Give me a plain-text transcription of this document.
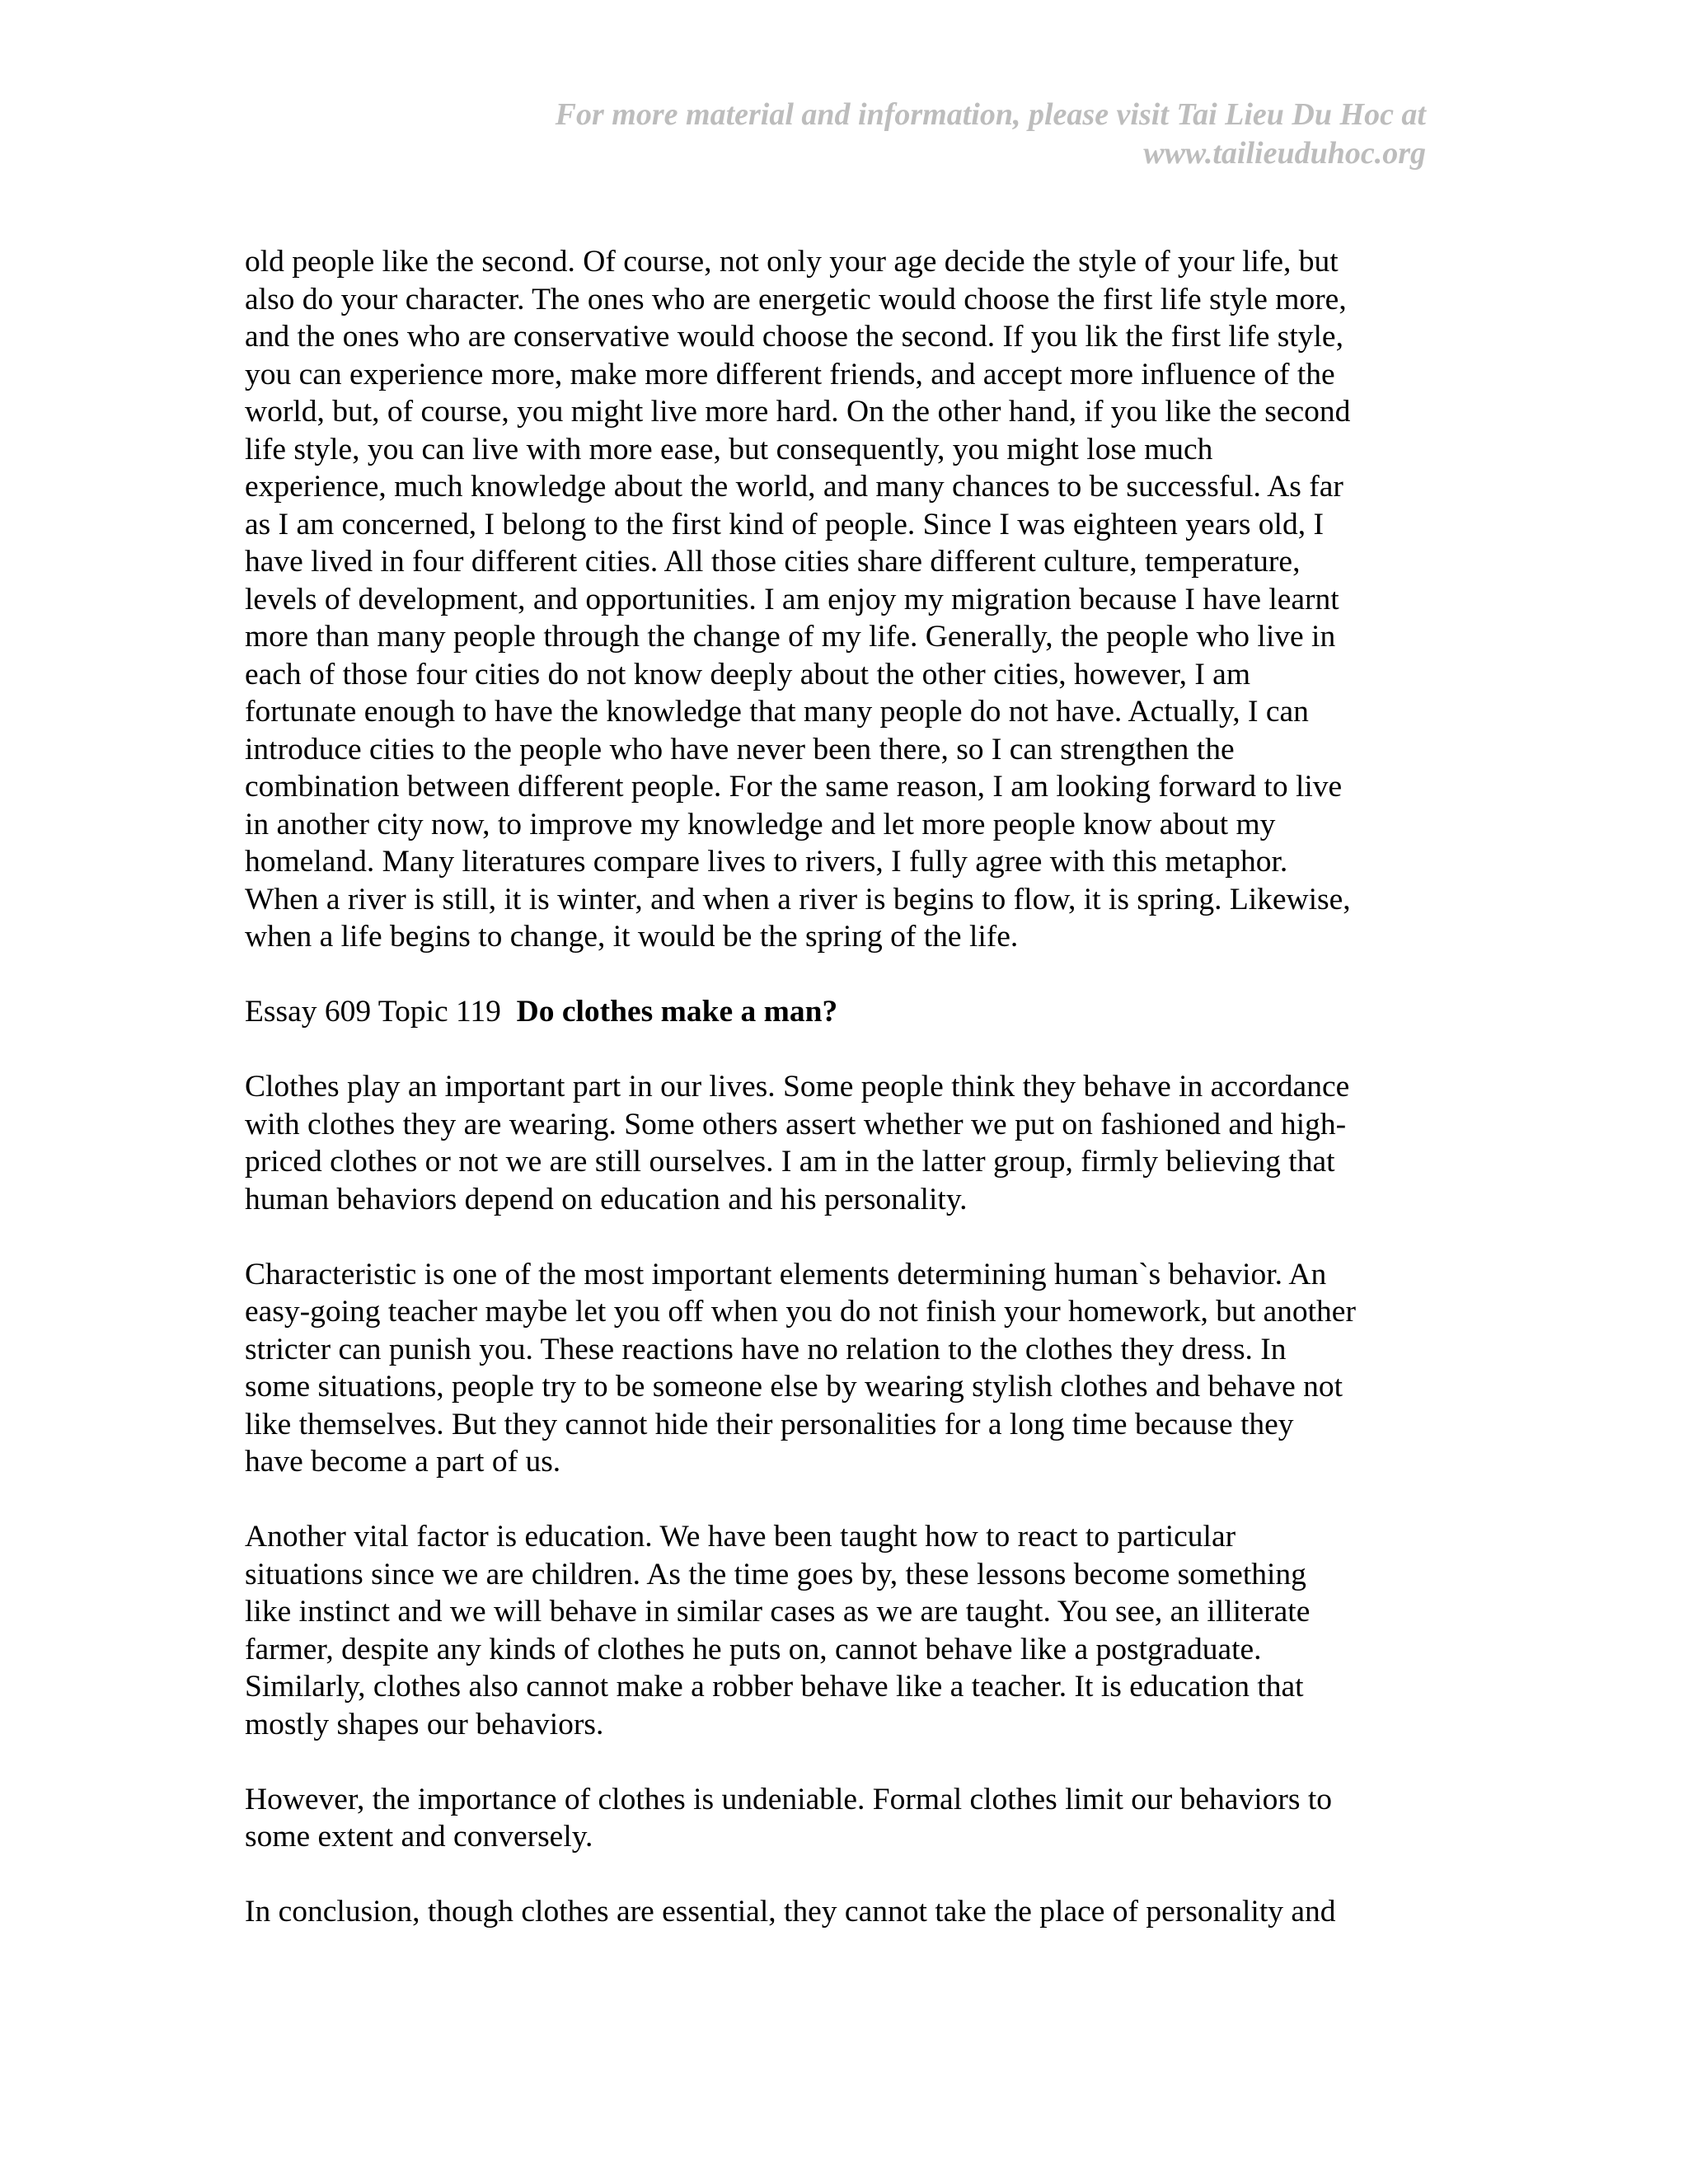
For more material and information, please visit Tai Lieu Du Hoc at
www.tailieuduhoc.org
old people like the second. Of course, not only your age decide the style of your life, but
also do your character. The ones who are energetic would choose the first life style more,
and the ones who are conservative would choose the second. If you lik the first life style,
you can experience more, make more different friends, and accept more influence of the
world, but, of course, you might live more hard. On the other hand, if you like the second
life style, you can live with more ease, but consequently, you might lose much
experience, much knowledge about the world, and many chances to be successful. As far
as I am concerned, I belong to the first kind of people. Since I was eighteen years old, I
have lived in four different cities. All those cities share different culture, temperature,
levels of development, and opportunities. I am enjoy my migration because I have learnt
more than many people through the change of my life. Generally, the people who live in
each of those four cities do not know deeply about the other cities, however, I am
fortunate enough to have the knowledge that many people do not have. Actually, I can
introduce cities to the people who have never been there, so I can strengthen the
combination between different people. For the same reason, I am looking forward to live
in another city now, to improve my knowledge and let more people know about my
homeland. Many literatures compare lives to rivers, I fully agree with this metaphor.
When a river is still, it is winter, and when a river is begins to flow, it is spring. Likewise,
when a life begins to change, it would be the spring of the life.
Essay 609 Topic 119 Do clothes make a man?
Clothes play an important part in our lives. Some people think they behave in accordance
with clothes they are wearing. Some others assert whether we put on fashioned and high-
priced clothes or not we are still ourselves. I am in the latter group, firmly believing that
human behaviors depend on education and his personality.
Characteristic is one of the most important elements determining human`s behavior. An
easy-going teacher maybe let you off when you do not finish your homework, but another
stricter can punish you. These reactions have no relation to the clothes they dress. In
some situations, people try to be someone else by wearing stylish clothes and behave not
like themselves. But they cannot hide their personalities for a long time because they
have become a part of us.
Another vital factor is education. We have been taught how to react to particular
situations since we are children. As the time goes by, these lessons become something
like instinct and we will behave in similar cases as we are taught. You see, an illiterate
farmer, despite any kinds of clothes he puts on, cannot behave like a postgraduate.
Similarly, clothes also cannot make a robber behave like a teacher. It is education that
mostly shapes our behaviors.
However, the importance of clothes is undeniable. Formal clothes limit our behaviors to
some extent and conversely.
In conclusion, though clothes are essential, they cannot take the place of personality and
